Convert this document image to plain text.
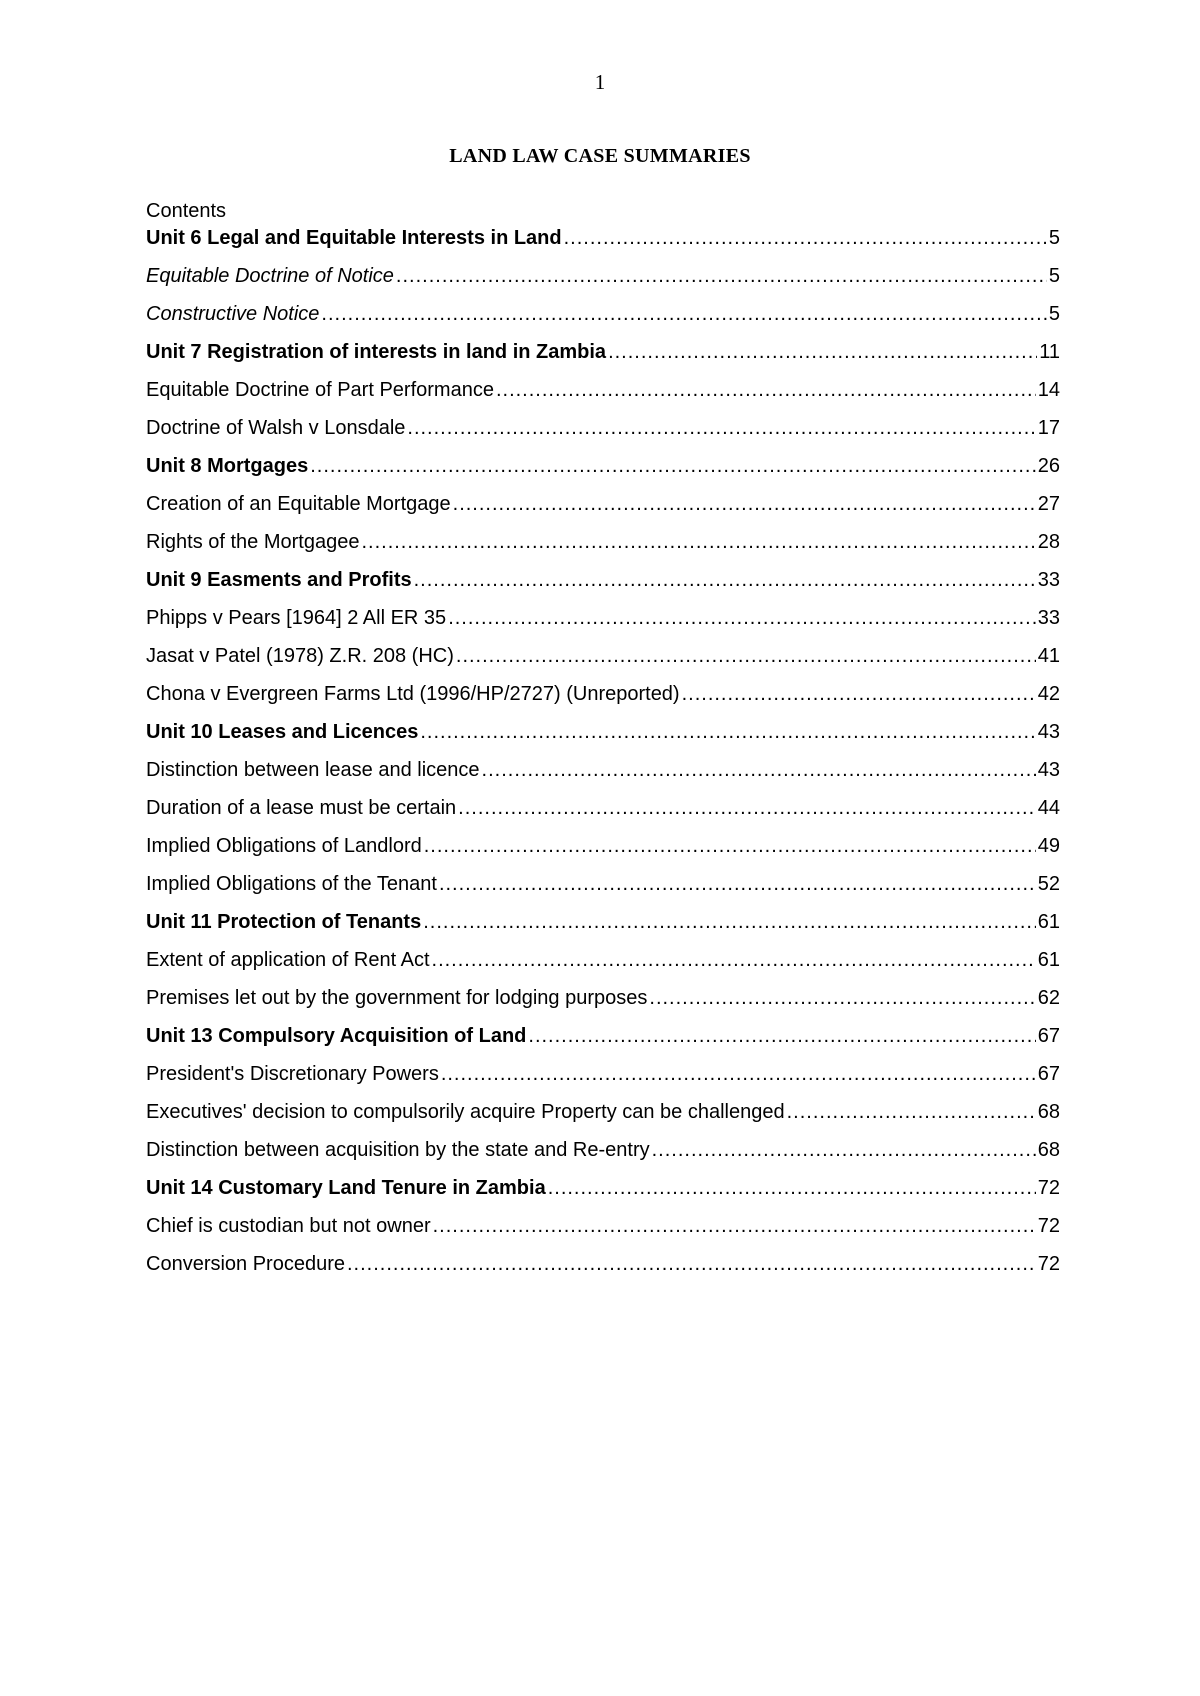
1
LAND LAW CASE SUMMARIES
Contents
Unit 6 Legal and Equitable Interests in Land .....	5
Equitable Doctrine of Notice .....	5
Constructive Notice .....	5
Unit 7 Registration of interests in land in Zambia .....	11
Equitable Doctrine of Part Performance .....	14
Doctrine of Walsh v Lonsdale .....	17
Unit 8 Mortgages .....	26
Creation of an Equitable Mortgage .....	27
Rights of the Mortgagee .....	28
Unit 9 Easments and Profits .....	33
Phipps v Pears [1964] 2 All ER 35 .....	33
Jasat v Patel (1978) Z.R. 208 (HC) .....	41
Chona v Evergreen Farms Ltd (1996/HP/2727) (Unreported) .....	42
Unit 10 Leases and Licences .....	43
Distinction between lease and licence .....	43
Duration of a lease must be certain .....	44
Implied Obligations of Landlord .....	49
Implied Obligations of the Tenant .....	52
Unit 11 Protection of Tenants .....	61
Extent of application of Rent Act .....	61
Premises let out by the government for lodging purposes .....	62
Unit 13 Compulsory Acquisition of Land .....	67
President's Discretionary Powers .....	67
Executives' decision to compulsorily acquire Property can be challenged .....	68
Distinction between acquisition by the state and Re-entry .....	68
Unit 14 Customary Land Tenure in Zambia .....	72
Chief is custodian but not owner .....	72
Conversion Procedure .....	72
